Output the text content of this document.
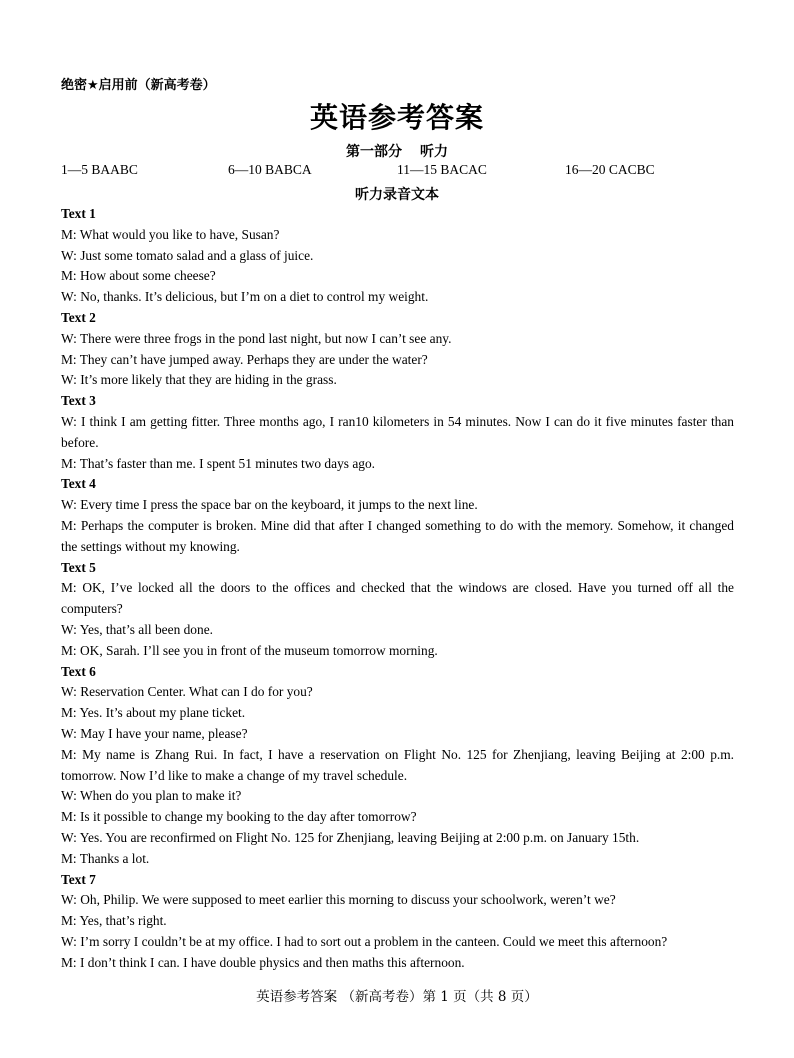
绝密★启用前（新高考卷）
英语参考答案
第一部分 听力
1—5 BAABC	6—10 BABCA	11—15 BACAC	16—20 CACBC
听力录音文本

Text 1

M: What would you like to have, Susan?

W: Just some tomato salad and a glass of juice.

M: How about some cheese?

W: No, thanks. It’s delicious, but I’m on a diet to control my weight.

Text 2

W: There were three frogs in the pond last night, but now I can’t see any.

M: They can’t have jumped away. Perhaps they are under the water?

W: It’s more likely that they are hiding in the grass.

Text 3

W: I think I am getting fitter. Three months ago, I ran10 kilometers in 54 minutes. Now I can do it five minutes faster than before.

M: That’s faster than me. I spent 51 minutes two days ago.

Text 4

W: Every time I press the space bar on the keyboard, it jumps to the next line.

M: Perhaps the computer is broken. Mine did that after I changed something to do with the memory. Somehow, it changed the settings without my knowing.

Text 5

M: OK, I’ve locked all the doors to the offices and checked that the windows are closed. Have you turned off all the computers?

W: Yes, that’s all been done.

M: OK, Sarah. I’ll see you in front of the museum tomorrow morning.

Text 6

W: Reservation Center. What can I do for you?

M: Yes. It’s about my plane ticket.

W: May I have your name, please?

M: My name is Zhang Rui. In fact, I have a reservation on Flight No. 125 for Zhenjiang, leaving Beijing at 2:00 p.m. tomorrow. Now I’d like to make a change of my travel schedule.

W: When do you plan to make it?

M: Is it possible to change my booking to the day after tomorrow?

W: Yes. You are reconfirmed on Flight No. 125 for Zhenjiang, leaving Beijing at 2:00 p.m. on January 15th.

M: Thanks a lot.

Text 7

W: Oh, Philip. We were supposed to meet earlier this morning to discuss your schoolwork, weren’t we?

M: Yes, that’s right.

W: I’m sorry I couldn’t be at my office. I had to sort out a problem in the canteen. Could we meet this afternoon?

M: I don’t think I can. I have double physics and then maths this afternoon.

英语参考答案 （新高考卷）第 1 页（共 8 页）
